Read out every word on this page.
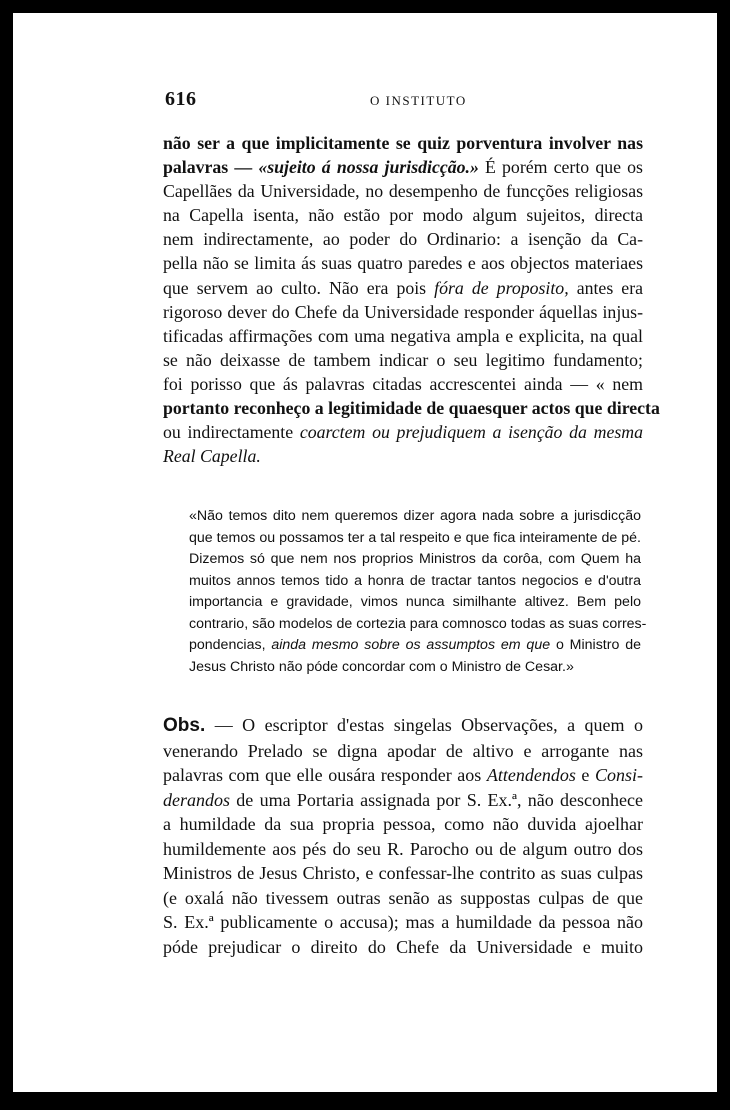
616	O INSTITUTO
não ser a que implicitamente se quiz porventura involver nas
palavras — «sujeito á nossa jurisdicção.» É porém certo que os
Capellães da Universidade, no desempenho de funcções religiosas
na Capella isenta, não estão por modo algum sujeitos, directa
nem indirectamente, ao poder do Ordinario: a isenção da Ca-
pella não se limita ás suas quatro paredes e aos objectos materiaes
que servem ao culto. Não era pois fóra de proposito, antes era
rigoroso dever do Chefe da Universidade responder áquellas injus-
tificadas affirmações com uma negativa ampla e explicita, na qual
se não deixasse de tambem indicar o seu legitimo fundamento;
foi porisso que ás palavras citadas accrescentei ainda — « nem
portanto reconheço a legitimidade de quaesquer actos que directa
ou indirectamente coarctem ou prejudiquem a isenção da mesma
Real Capella.
«Não temos dito nem queremos dizer agora nada sobre a jurisdicção
que temos ou possamos ter a tal respeito e que fica inteiramente de pé.
Dizemos só que nem nos proprios Ministros da corôa, com Quem ha
muitos annos temos tido a honra de tractar tantos negocios e d'outra
importancia e gravidade, vimos nunca similhante altivez. Bem pelo
contrario, são modelos de cortezia para comnosco todas as suas corres-
pondencias, ainda mesmo sobre os assumptos em que o Ministro de
Jesus Christo não póde concordar com o Ministro de Cesar.»
Obs. — O escriptor d'estas singelas Observações, a quem o
venerando Prelado se digna apodar de altivo e arrogante nas
palavras com que elle ousára responder aos Attendendos e Consi-
derandos de uma Portaria assignada por S. Ex.ª, não desconhece
a humildade da sua propria pessoa, como não duvida ajoelhar
humildemente aos pés do seu R. Parocho ou de algum outro dos
Ministros de Jesus Christo, e confessar-lhe contrito as suas culpas
(e oxalá não tivessem outras senão as suppostas culpas de que
S. Ex.ª publicamente o accusa); mas a humildade da pessoa não
póde prejudicar o direito do Chefe da Universidade e muito
